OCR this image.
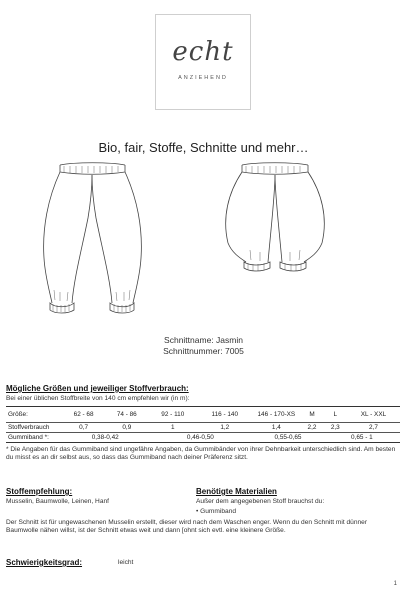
echt
ANZIEHEND
Bio, fair, Stoffe, Schnitte und mehr…
Schnittname: Jasmin
Schnittnummer: 7005
Mögliche Größen und jeweiliger Stoffverbrauch:
Bei einer üblichen Stoffbreite von 140 cm empfehlen wir (in m):
Größe:	62 - 68	74 - 86	92 - 110	116 - 140	146 - 170-XS	M	L	XL - XXL
Stoffverbrauch	0,7	0,9	1	1,2	1,4	2,2	2,3	2,7
Gummiband *:	0,38-0,42		0,46-0,50		0,55-0,65		0,65 - 1	
* Die Angaben für das Gummiband sind ungefähre Angaben, da Gummibänder von ihrer Dehnbarkeit unterschiedlich sind. Am besten du misst es an dir selbst aus, so dass das Gummiband nach deiner Präferenz sitzt.
Stoffempfehlung:
Musselin, Baumwolle, Leinen, Hanf
Benötigte Materialien
Außer dem angegebenen Stoff brauchst du:
• Gummiband
Der Schnitt ist für ungewaschenen Musselin erstellt, dieser wird nach dem Waschen enger. Wenn du den Schnitt mit dünner Baumwolle nähen willst, ist der Schnitt etwas weit und dann [ohnt sich evtl. eine kleinere Größe.
Schwierigkeitsgrad:	leicht
1
